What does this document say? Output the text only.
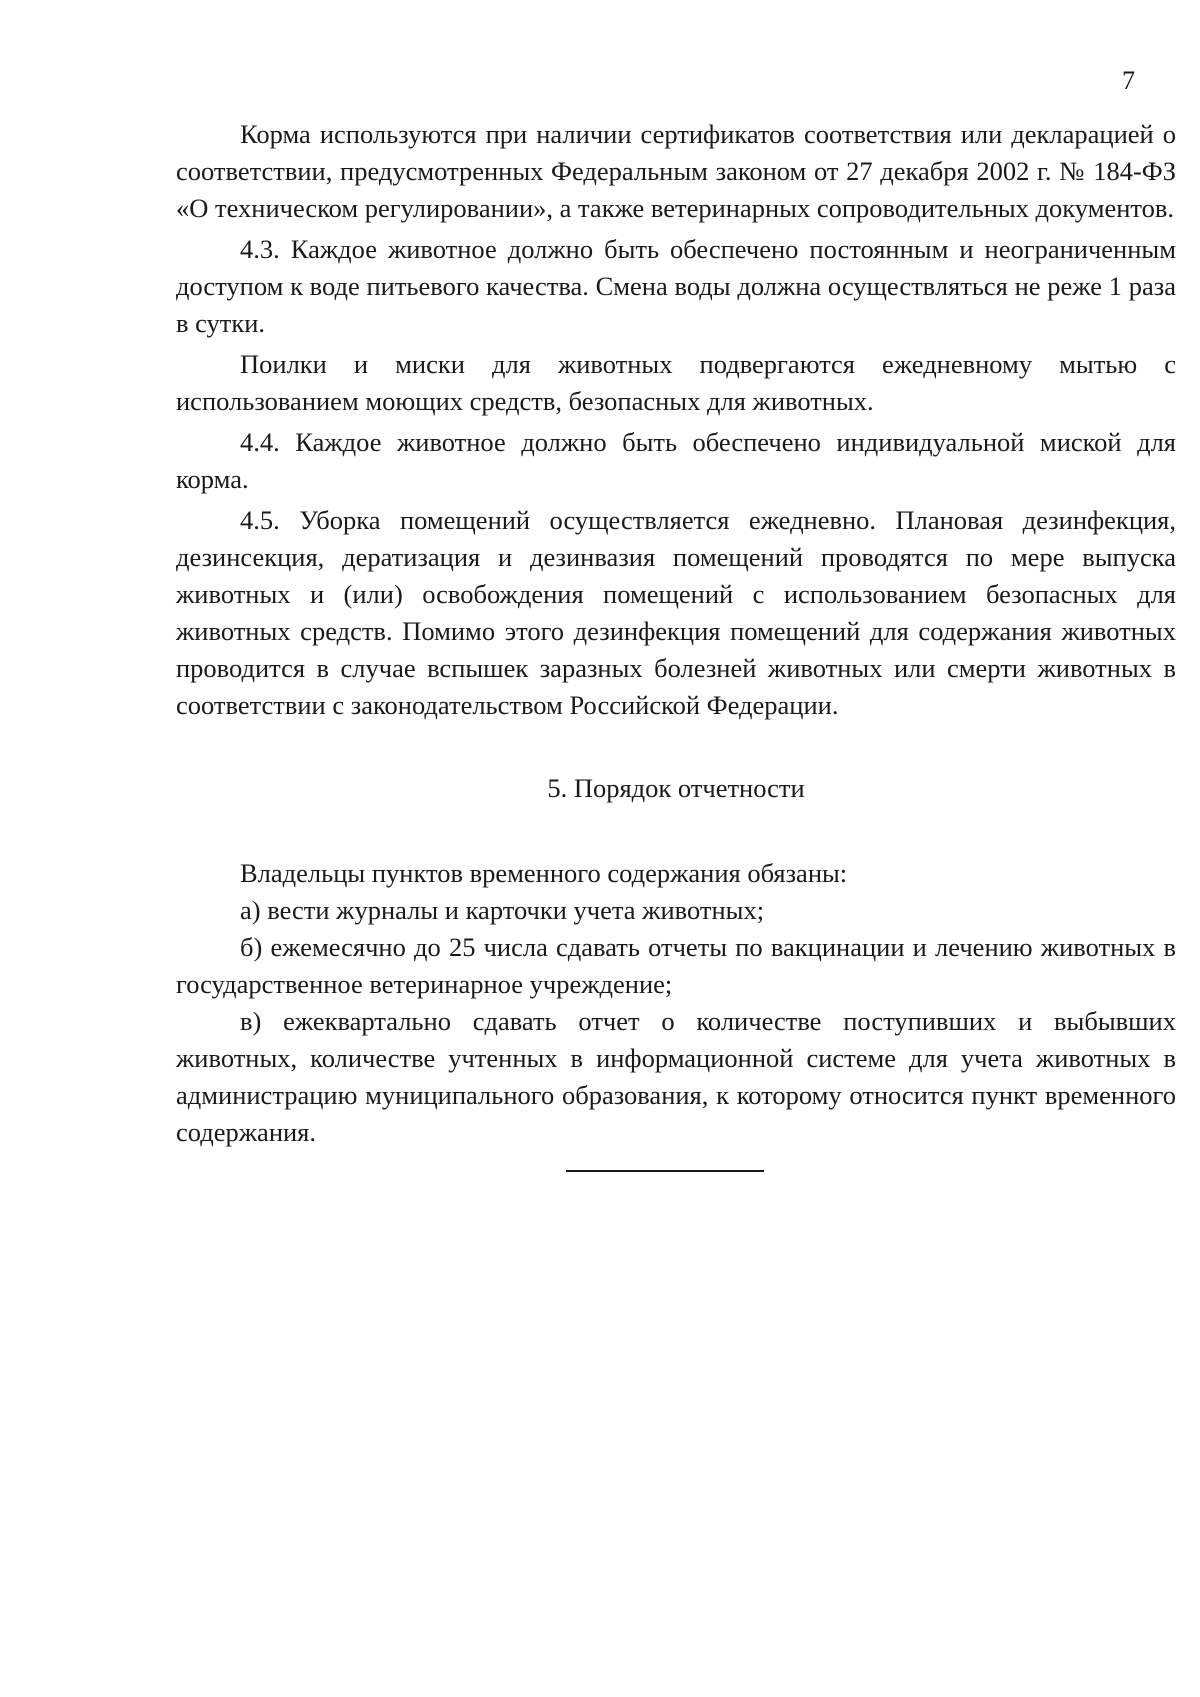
7

Корма используются при наличии сертификатов соответствия или декларацией о соответствии, предусмотренных Федеральным законом от 27 декабря 2002 г. № 184-ФЗ «О техническом регулировании», а также ветеринарных сопроводительных документов.

4.3. Каждое животное должно быть обеспечено постоянным и неограниченным доступом к воде питьевого качества. Смена воды должна осуществляться не реже 1 раза в сутки.

Поилки и миски для животных подвергаются ежедневному мытью с использованием моющих средств, безопасных для животных.

4.4. Каждое животное должно быть обеспечено индивидуальной миской для корма.

4.5. Уборка помещений осуществляется ежедневно. Плановая дезинфекция, дезинсекция, дератизация и дезинвазия помещений проводятся по мере выпуска животных и (или) освобождения помещений с использованием безопасных для животных средств. Помимо этого дезинфекция помещений для содержания животных проводится в случае вспышек заразных болезней животных или смерти животных в соответствии с законодательством Российской Федерации.

5. Порядок отчетности

Владельцы пунктов временного содержания обязаны:

а) вести журналы и карточки учета животных;

б) ежемесячно до 25 числа сдавать отчеты по вакцинации и лечению животных в государственное ветеринарное учреждение;

в) ежеквартально сдавать отчет о количестве поступивших и выбывших животных, количестве учтенных в информационной системе для учета животных в администрацию муниципального образования, к которому относится пункт временного содержания.
